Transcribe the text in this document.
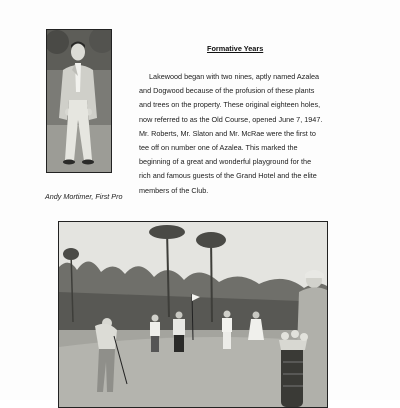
Andy Mortimer, First Pro
Formative Years
Lakewood began with two nines, aptly named Azalea
and Dogwood because of the profusion of these plants
and trees on the property. These original eighteen holes,
now referred to as the Old Course, opened June 7, 1947.
Mr. Roberts, Mr. Slaton and Mr. McRae were the first to
tee off on number one of Azalea. This marked the
beginning of a great and wonderful playground for the
rich and famous guests of the Grand Hotel and the elite
members of the Club.
